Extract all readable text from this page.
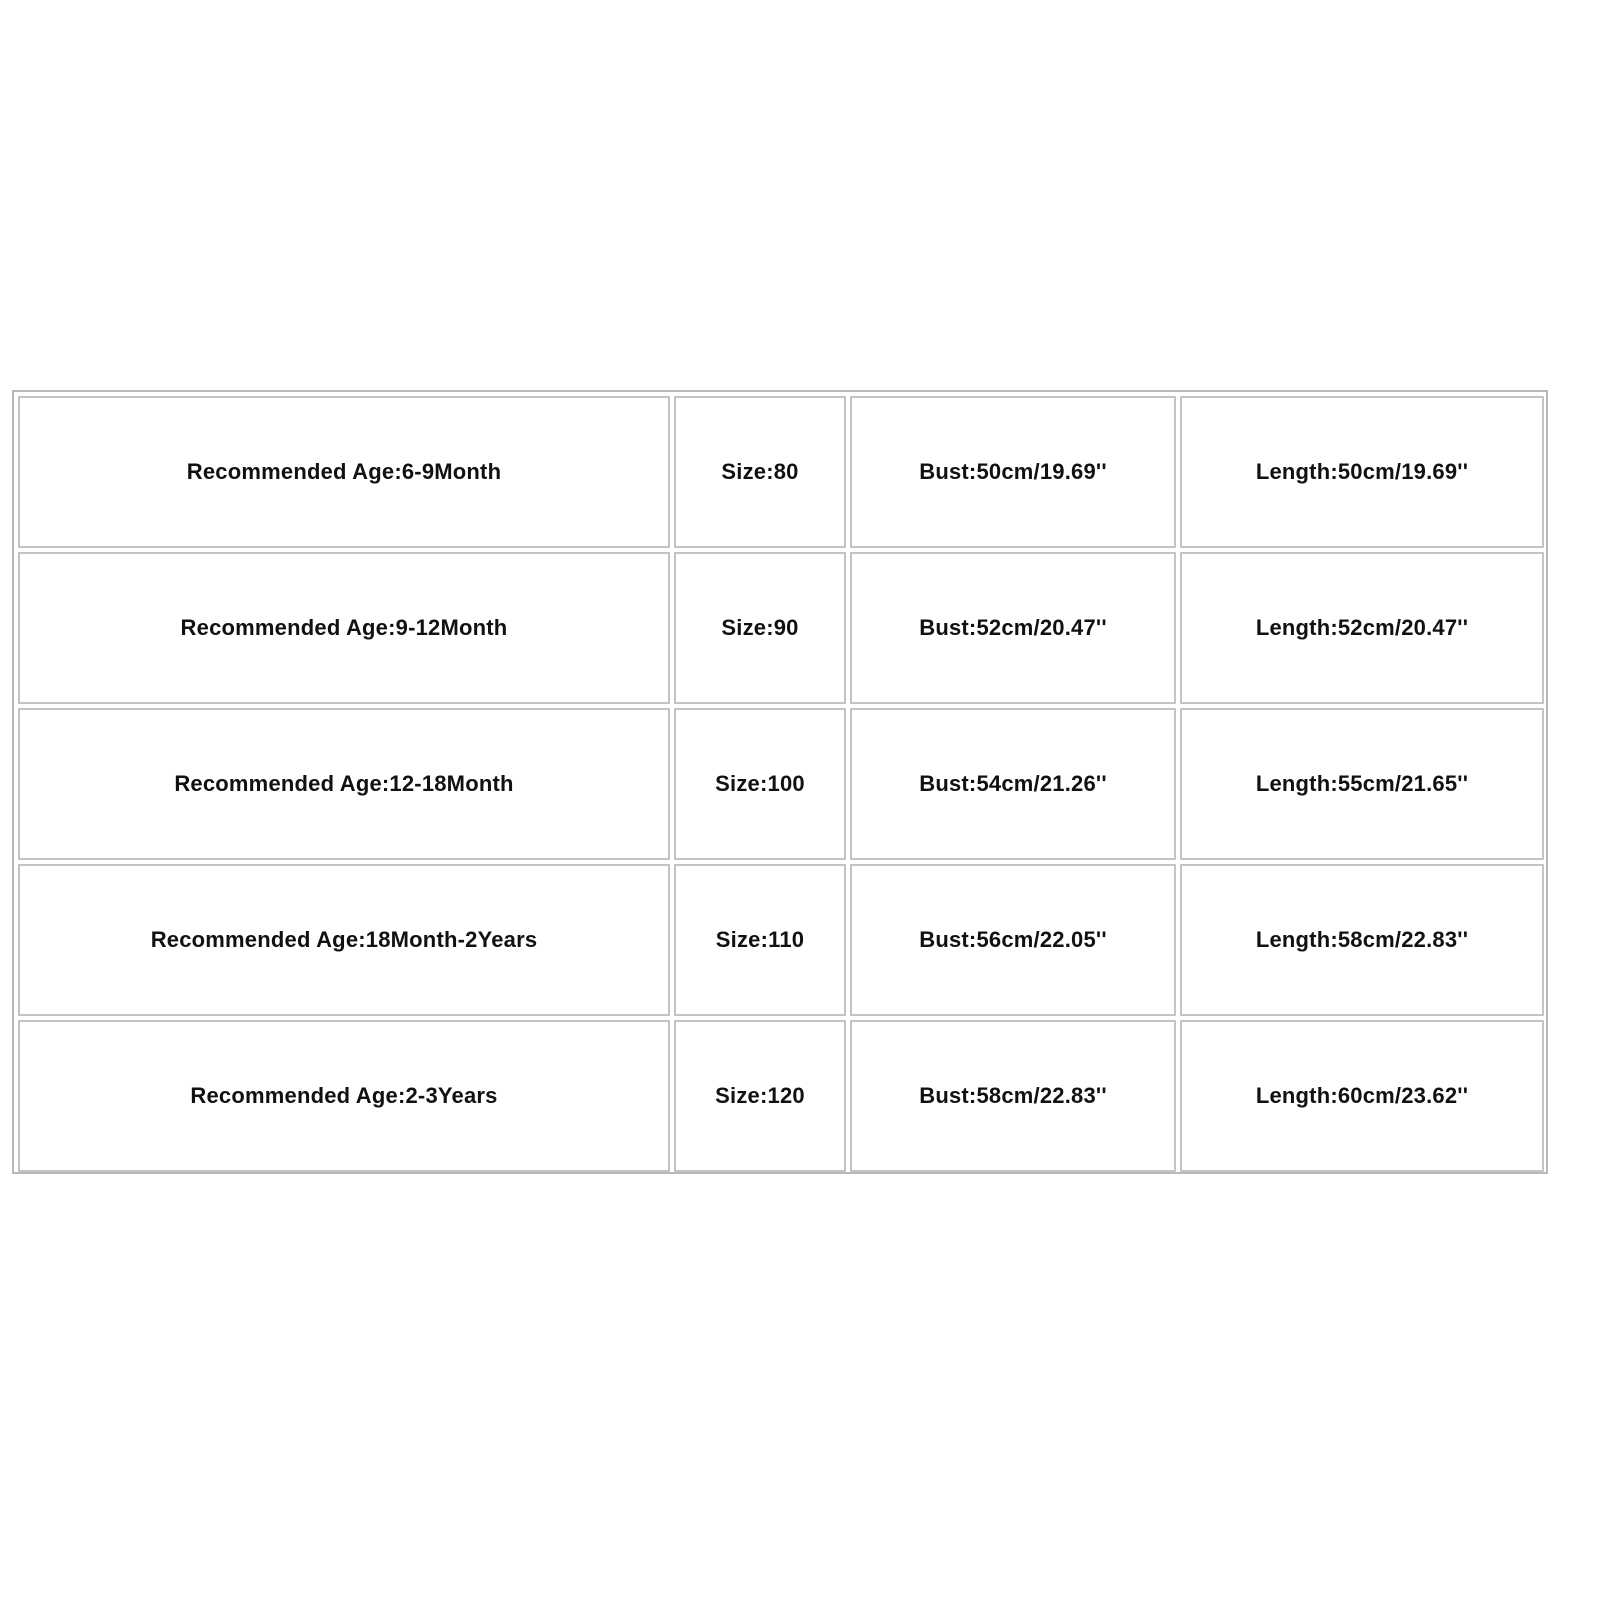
Recommended Age:6-9Month	Size:80	Bust:50cm/19.69''	Length:50cm/19.69''
Recommended Age:9-12Month	Size:90	Bust:52cm/20.47''	Length:52cm/20.47''
Recommended Age:12-18Month	Size:100	Bust:54cm/21.26''	Length:55cm/21.65''
Recommended Age:18Month-2Years	Size:110	Bust:56cm/22.05''	Length:58cm/22.83''
Recommended Age:2-3Years	Size:120	Bust:58cm/22.83''	Length:60cm/23.62''
